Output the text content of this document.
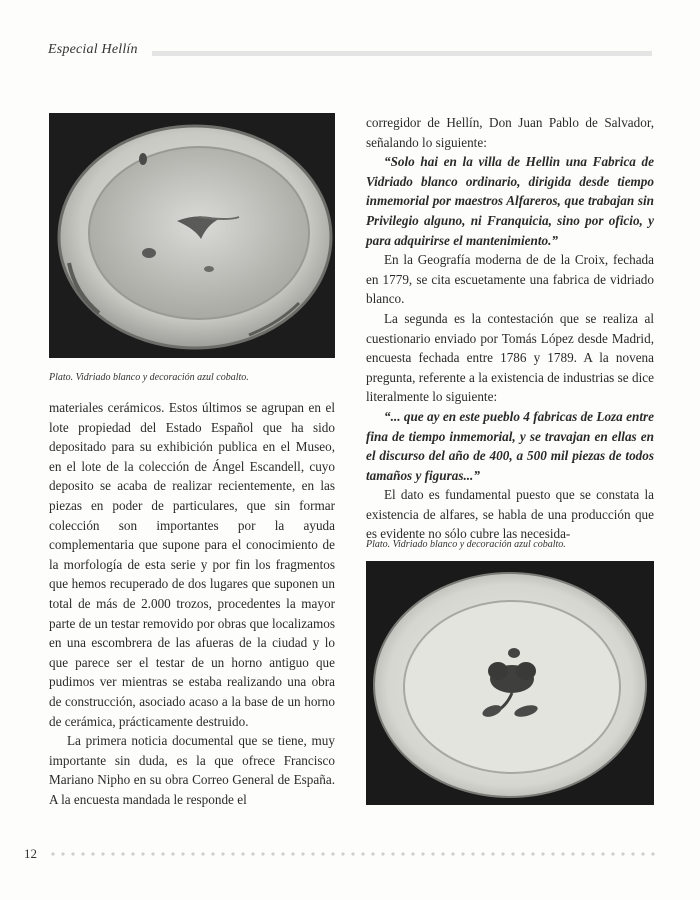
Especial Hellín
Plato. Vidriado blanco y decoración azul cobalto.

materiales cerámicos. Estos últimos se agrupan en el lote propiedad del Estado Español que ha sido depositado para su exhibición publica en el Museo, en el lote de la colección de Ángel Escandell, cuyo deposito se acaba de realizar recientemente, en las piezas en poder de particulares, que sin formar colección son importantes por la ayuda complementaria que supone para el conocimiento de la morfología de esta serie y por fin los fragmentos que hemos recuperado de dos lugares que suponen un total de más de 2.000 trozos, procedentes la mayor parte de un testar removido por obras que localizamos en una escombrera de las afueras de la ciudad y lo que parece ser el testar de un horno antiguo que pudimos ver mientras se estaba realizando una obra de construcción, asociado acaso a la base de un horno de cerámica, prácticamente destruido.

La primera noticia documental que se tiene, muy importante sin duda, es la que ofrece Francisco Mariano Nipho en su obra Correo General de España. A la encuesta mandada le responde el

corregidor de Hellín, Don Juan Pablo de Salvador, señalando lo siguiente:

“Solo hai en la villa de Hellin una Fabrica de Vidriado blanco ordinario, dirigida desde tiempo inmemorial por maestros Alfareros, que trabajan sin Privilegio alguno, ni Franquicia, sino por oficio, y para adquirirse el mantenimiento.”

En la Geografía moderna de de la Croix, fechada en 1779, se cita escuetamente una fabrica de vidriado blanco.

La segunda es la contestación que se realiza al cuestionario enviado por Tomás López desde Madrid, encuesta fechada entre 1786 y 1789. A la novena pregunta, referente a la existencia de industrias se dice literalmente lo siguiente:

“... que ay en este pueblo 4 fabricas de Loza entre fina de tiempo inmemorial, y se travajan en ellas en el discurso del año de 400, a 500 mil piezas de todos tamaños y figuras...”

El dato es fundamental puesto que se constata la existencia de alfares, se habla de una producción que es evidente no sólo cubre las necesida-

Plato. Vidriado blanco y decoración azul cobalto.
12
